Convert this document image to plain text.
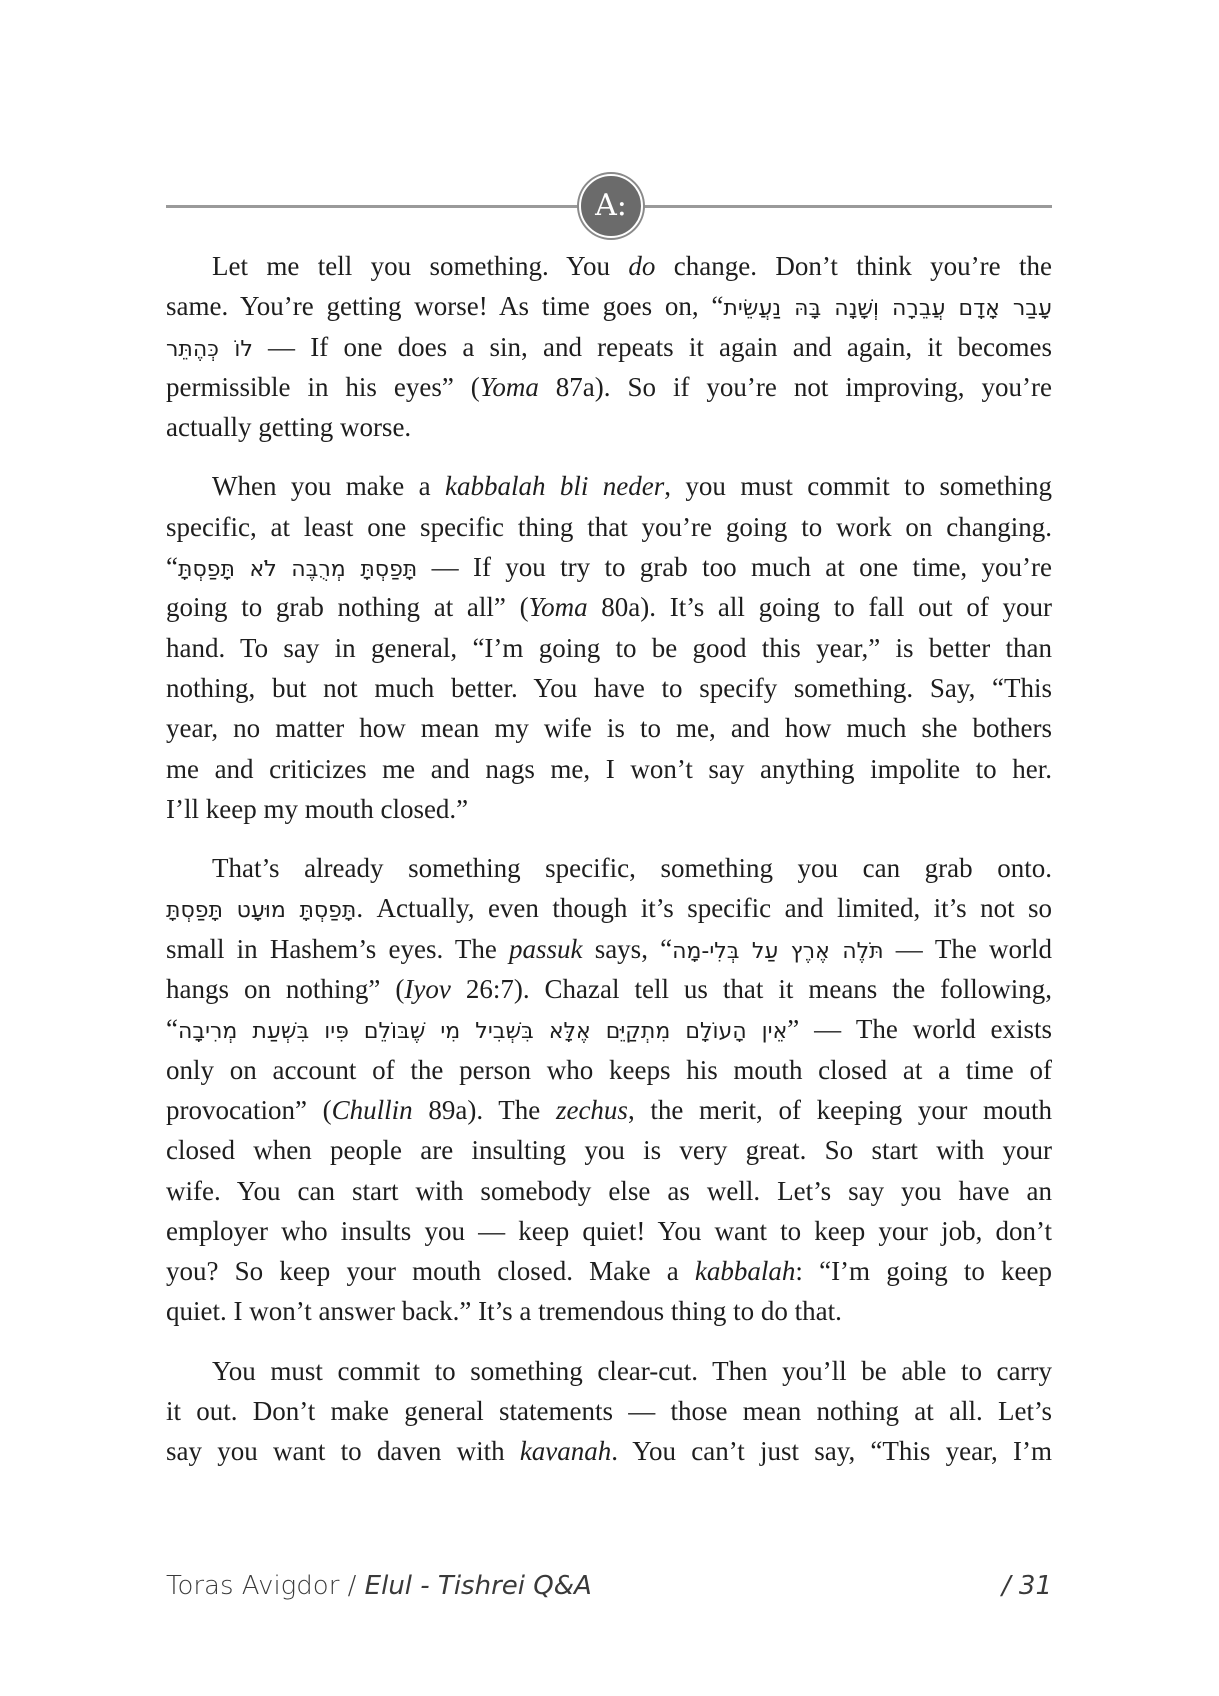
A:
Let me tell you something. You do change. Don’t think you’re the
same. You’re getting worse! As time goes on, “עָבַר אָדָם עֲבֵרָה וְשָׁנָה בָּהּ נַעֲשֵׂית
לוֹ כְּהֶתֵּר — If one does a sin, and repeats it again and again, it becomes
permissible in his eyes” (Yoma 87a). So if you’re not improving, you’re
actually getting worse.
When you make a kabbalah bli neder, you must commit to something
specific, at least one specific thing that you’re going to work on changing.
“תָּפַסְתָּ מְרֻבֶּה לֹא תָּפַסְתָּ — If you try to grab too much at one time, you’re
going to grab nothing at all” (Yoma 80a). It’s all going to fall out of your
hand. To say in general, “I’m going to be good this year,” is better than
nothing, but not much better. You have to specify something. Say, “This
year, no matter how mean my wife is to me, and how much she bothers
me and criticizes me and nags me, I won’t say anything impolite to her.
I’ll keep my mouth closed.”
That’s already something specific, something you can grab onto.
תָּפַסְתָּ מוּעָט תָּפַסְתָּ. Actually, even though it’s specific and limited, it’s not so
small in Hashem’s eyes. The passuk says, “תֹּלֶה אֶרֶץ עַל בְּלִי-מָה — The world
hangs on nothing” (Iyov 26:7). Chazal tell us that it means the following,
“אֵין הָעוֹלָם מִתְקַיֵּם אֶלָּא בִּשְׁבִיל מִי שֶׁבּוֹלֵם פִּיו בִּשְׁעַת מְרִיבָה” — The world exists
only on account of the person who keeps his mouth closed at a time of
provocation” (Chullin 89a). The zechus, the merit, of keeping your mouth
closed when people are insulting you is very great. So start with your
wife. You can start with somebody else as well. Let’s say you have an
employer who insults you — keep quiet! You want to keep your job, don’t
you? So keep your mouth closed. Make a kabbalah: “I’m going to keep
quiet. I won’t answer back.” It’s a tremendous thing to do that.
You must commit to something clear-cut. Then you’ll be able to carry
it out. Don’t make general statements — those mean nothing at all. Let’s
say you want to daven with kavanah. You can’t just say, “This year, I’m
Toras Avigdor / Elul - Tishrei Q&A	/ 31
